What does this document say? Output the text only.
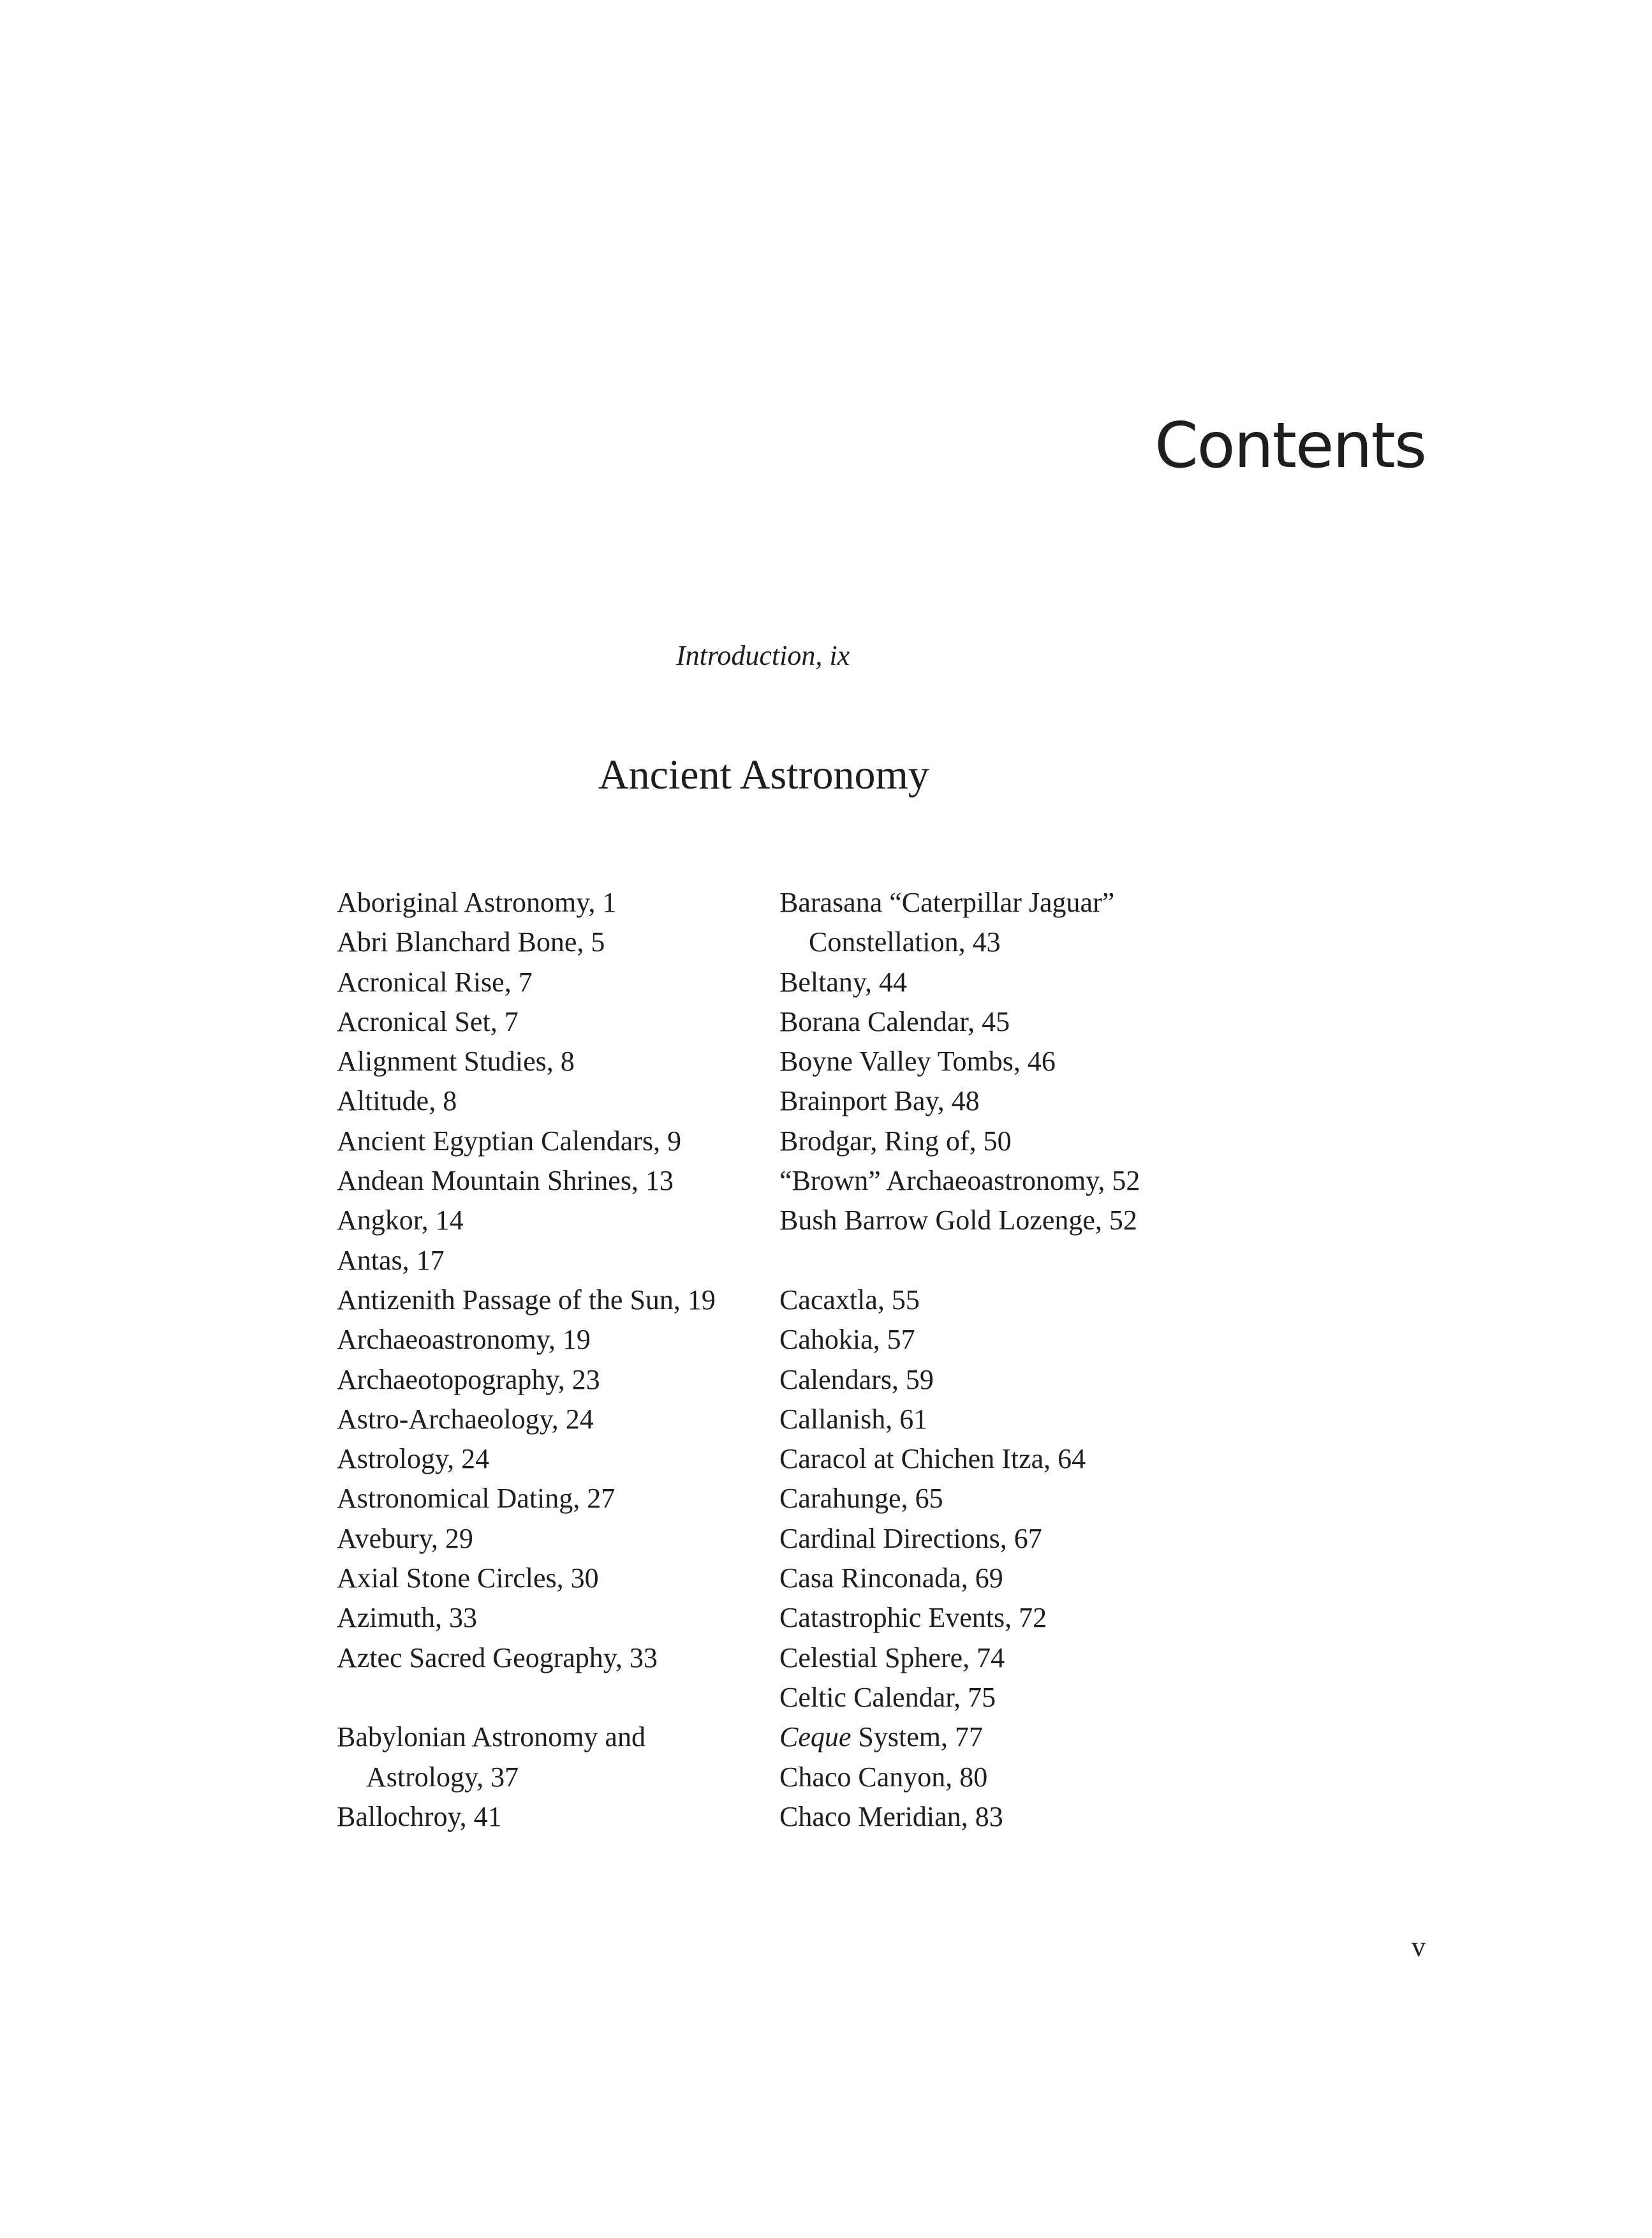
Contents
Introduction, ix
Ancient Astronomy
Aboriginal Astronomy, 1
Abri Blanchard Bone, 5
Acronical Rise, 7
Acronical Set, 7
Alignment Studies, 8
Altitude, 8
Ancient Egyptian Calendars, 9
Andean Mountain Shrines, 13
Angkor, 14
Antas, 17
Antizenith Passage of the Sun, 19
Archaeoastronomy, 19
Archaeotopography, 23
Astro-Archaeology, 24
Astrology, 24
Astronomical Dating, 27
Avebury, 29
Axial Stone Circles, 30
Azimuth, 33
Aztec Sacred Geography, 33
Babylonian Astronomy and
Astrology, 37
Ballochroy, 41
Barasana “Caterpillar Jaguar”
Constellation, 43
Beltany, 44
Borana Calendar, 45
Boyne Valley Tombs, 46
Brainport Bay, 48
Brodgar, Ring of, 50
“Brown” Archaeoastronomy, 52
Bush Barrow Gold Lozenge, 52
Cacaxtla, 55
Cahokia, 57
Calendars, 59
Callanish, 61
Caracol at Chichen Itza, 64
Carahunge, 65
Cardinal Directions, 67
Casa Rinconada, 69
Catastrophic Events, 72
Celestial Sphere, 74
Celtic Calendar, 75
Ceque System, 77
Chaco Canyon, 80
Chaco Meridian, 83
v
